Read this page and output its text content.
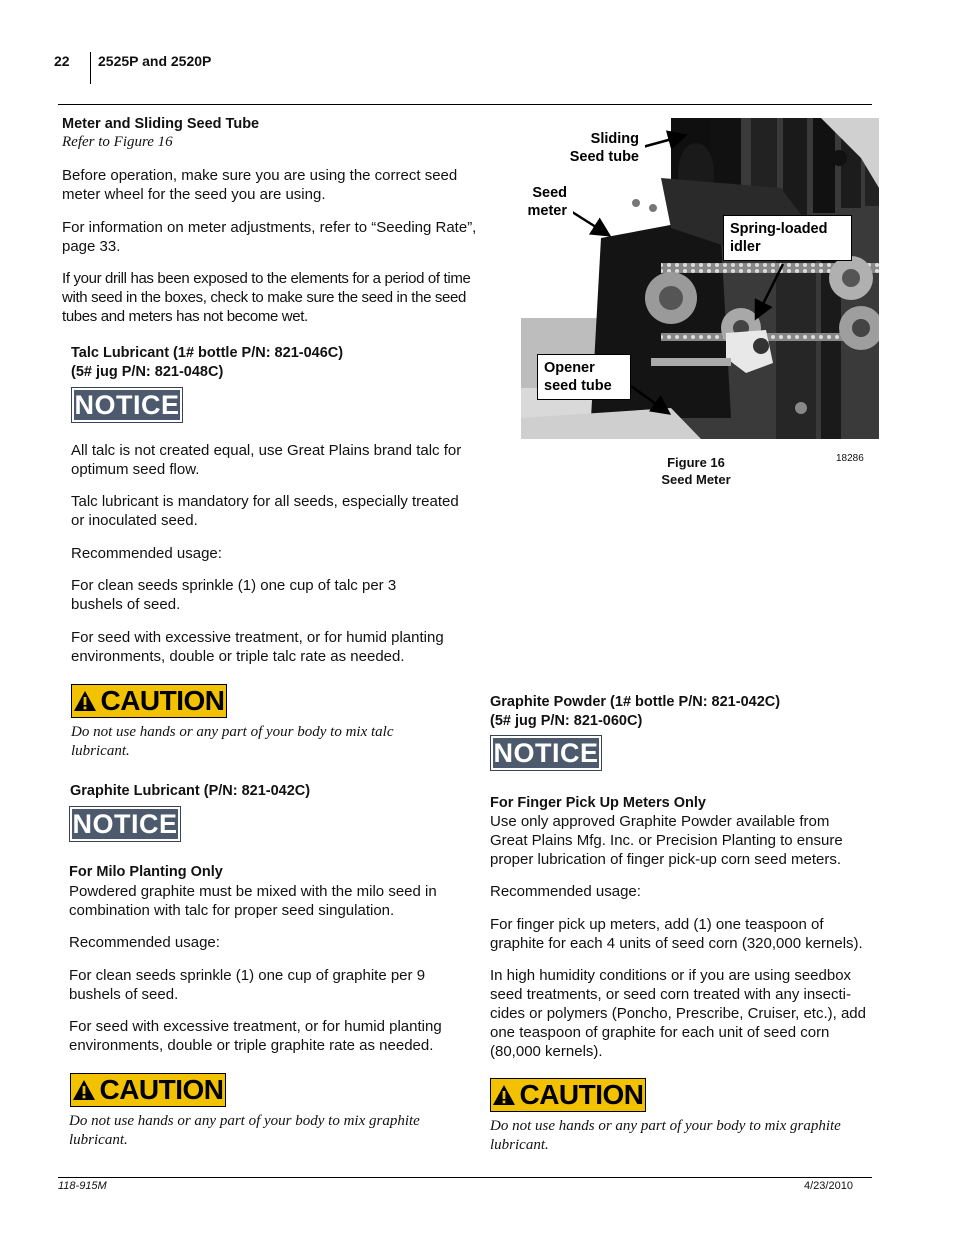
22 2525P and 2520P
Meter and Sliding Seed Tube
Refer to Figure 16
Before operation, make sure you are using the correct seed meter wheel for the seed you are using.
For information on meter adjustments, refer to “Seeding Rate”, page 33.
If your drill has been exposed to the elements for a period of time with seed in the boxes, check to make sure the seed in the seed tubes and meters has not become wet.
Talc Lubricant (1# bottle P/N: 821-046C)
(5# jug P/N: 821-048C)
NOTICE
All talc is not created equal, use Great Plains brand talc for optimum seed flow.
Talc lubricant is mandatory for all seeds, especially treated or inoculated seed.
Recommended usage:
For clean seeds sprinkle (1) one cup of talc per 3 bushels of seed.
For seed with excessive treatment, or for humid planting environments, double or triple talc rate as needed.
CAUTION
Do not use hands or any part of your body to mix talc lubricant.
Graphite Lubricant (P/N: 821-042C)
NOTICE
For Milo Planting Only
Powdered graphite must be mixed with the milo seed in combination with talc for proper seed singulation.
Recommended usage:
For clean seeds sprinkle (1) one cup of graphite per 9 bushels of seed.
For seed with excessive treatment, or for humid planting environments, double or triple graphite rate as needed.
CAUTION
Do not use hands or any part of your body to mix graphite lubricant.
Sliding Seed tube
Seed meter
Spring-loaded idler
Opener seed tube
Figure 16
Seed Meter
18286
Graphite Powder (1# bottle P/N: 821-042C)
(5# jug P/N: 821-060C)
NOTICE
For Finger Pick Up Meters Only
Use only approved Graphite Powder available from Great Plains Mfg. Inc. or Precision Planting to ensure proper lubrication of finger pick-up corn seed meters.
Recommended usage:
For finger pick up meters, add (1) one teaspoon of graphite for each 4 units of seed corn (320,000 kernels).
In high humidity conditions or if you are using seedbox seed treatments, or seed corn treated with any insecti-cides or polymers (Poncho, Prescribe, Cruiser, etc.), add one teaspoon of graphite for each unit of seed corn (80,000 kernels).
CAUTION
Do not use hands or any part of your body to mix graphite lubricant.
118-915M	4/23/2010
